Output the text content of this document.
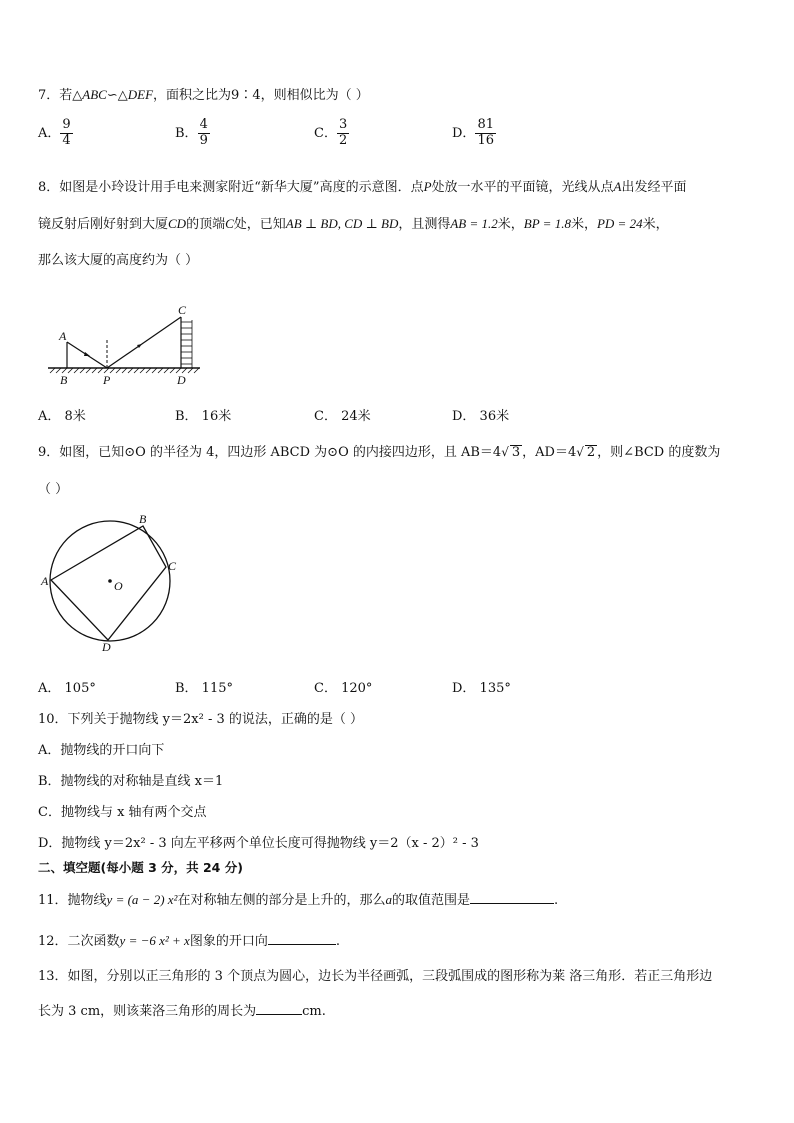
7．若△ABC∽△DEF，面积之比为9∶4，则相似比为（ ）
A． $\frac{9}{4}$	B． $\frac{4}{9}$	C． $\frac{3}{2}$	D． $\frac{81}{16}$
8．如图是小玲设计用手电来测家附近“新华大厦”高度的示意图．点P处放一水平的平面镜，光线从点A出发经平面
镜反射后刚好射到大厦CD的顶端C处，已知AB ⊥ BD, CD ⊥ BD，且测得AB = 1.2米，BP = 1.8米，PD = 24米，
那么该大厦的高度约为（ ）
A
B	P
C
D
A． 8米	B． 16米	C． 24米	D． 36米
9．如图，已知⊙O 的半径为 4，四边形 ABCD 为⊙O 的内接四边形，且 AB＝4√ 3 ，AD＝4√ 2 ，则∠BCD 的度数为
（ ）
A
B
C
D
O
A． 105°	B． 115°	C． 120°	D． 135°
10．下列关于抛物线 y＝2x² - 3 的说法，正确的是（ ）
A．抛物线的开口向下
B．抛物线的对称轴是直线 x＝1
C．抛物线与 x 轴有两个交点
D．抛物线 y＝2x² - 3 向左平移两个单位长度可得抛物线 y＝2（x - 2）² - 3
二、填空题(每小题 3 分，共 24 分)
11．抛物线y = (a − 2) x²在对称轴左侧的部分是上升的，那么a的取值范围是	.
12．二次函数y = −6 x² + x图象的开口向	.
13．如图，分别以正三角形的 3 个顶点为圆心，边长为半径画弧，三段弧围成的图形称为莱 洛三角形．若正三角形边
长为 3 cm，则该莱洛三角形的周长为	cm.
